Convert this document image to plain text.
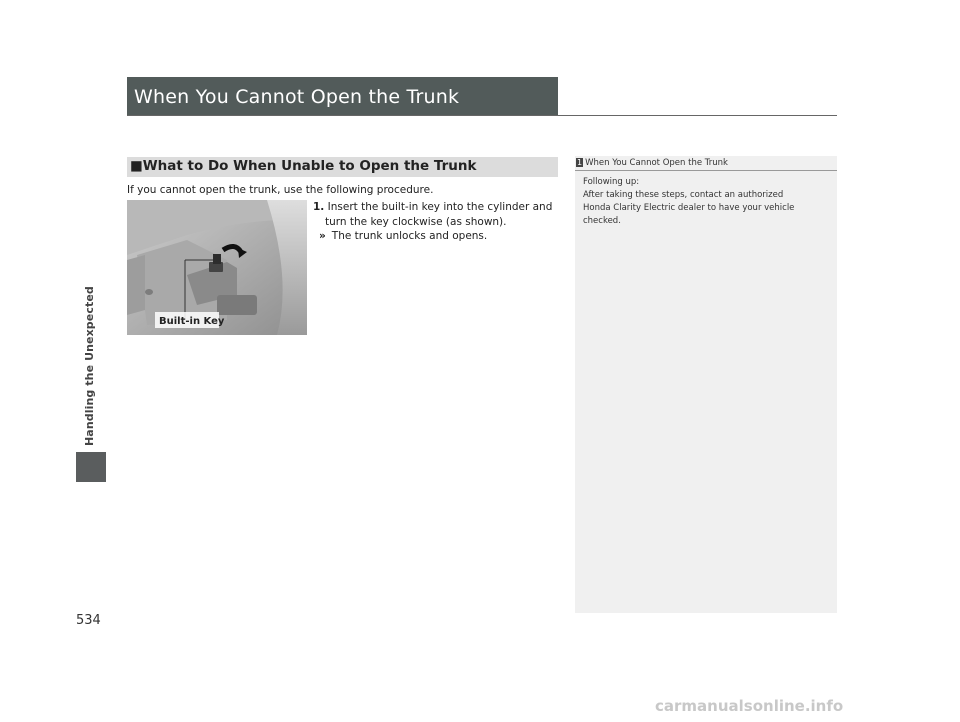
Handling the Unexpected
534
When You Cannot Open the Trunk
■What to Do When Unable to Open the Trunk
If you cannot open the trunk, use the following procedure.
Built-in Key
1. Insert the built-in key into the cylinder and
turn the key clockwise (as shown).
» The trunk unlocks and opens.
1 When You Cannot Open the Trunk
Following up:
After taking these steps, contact an authorized
Honda Clarity Electric dealer to have your vehicle
checked.
carmanualsonline.info
